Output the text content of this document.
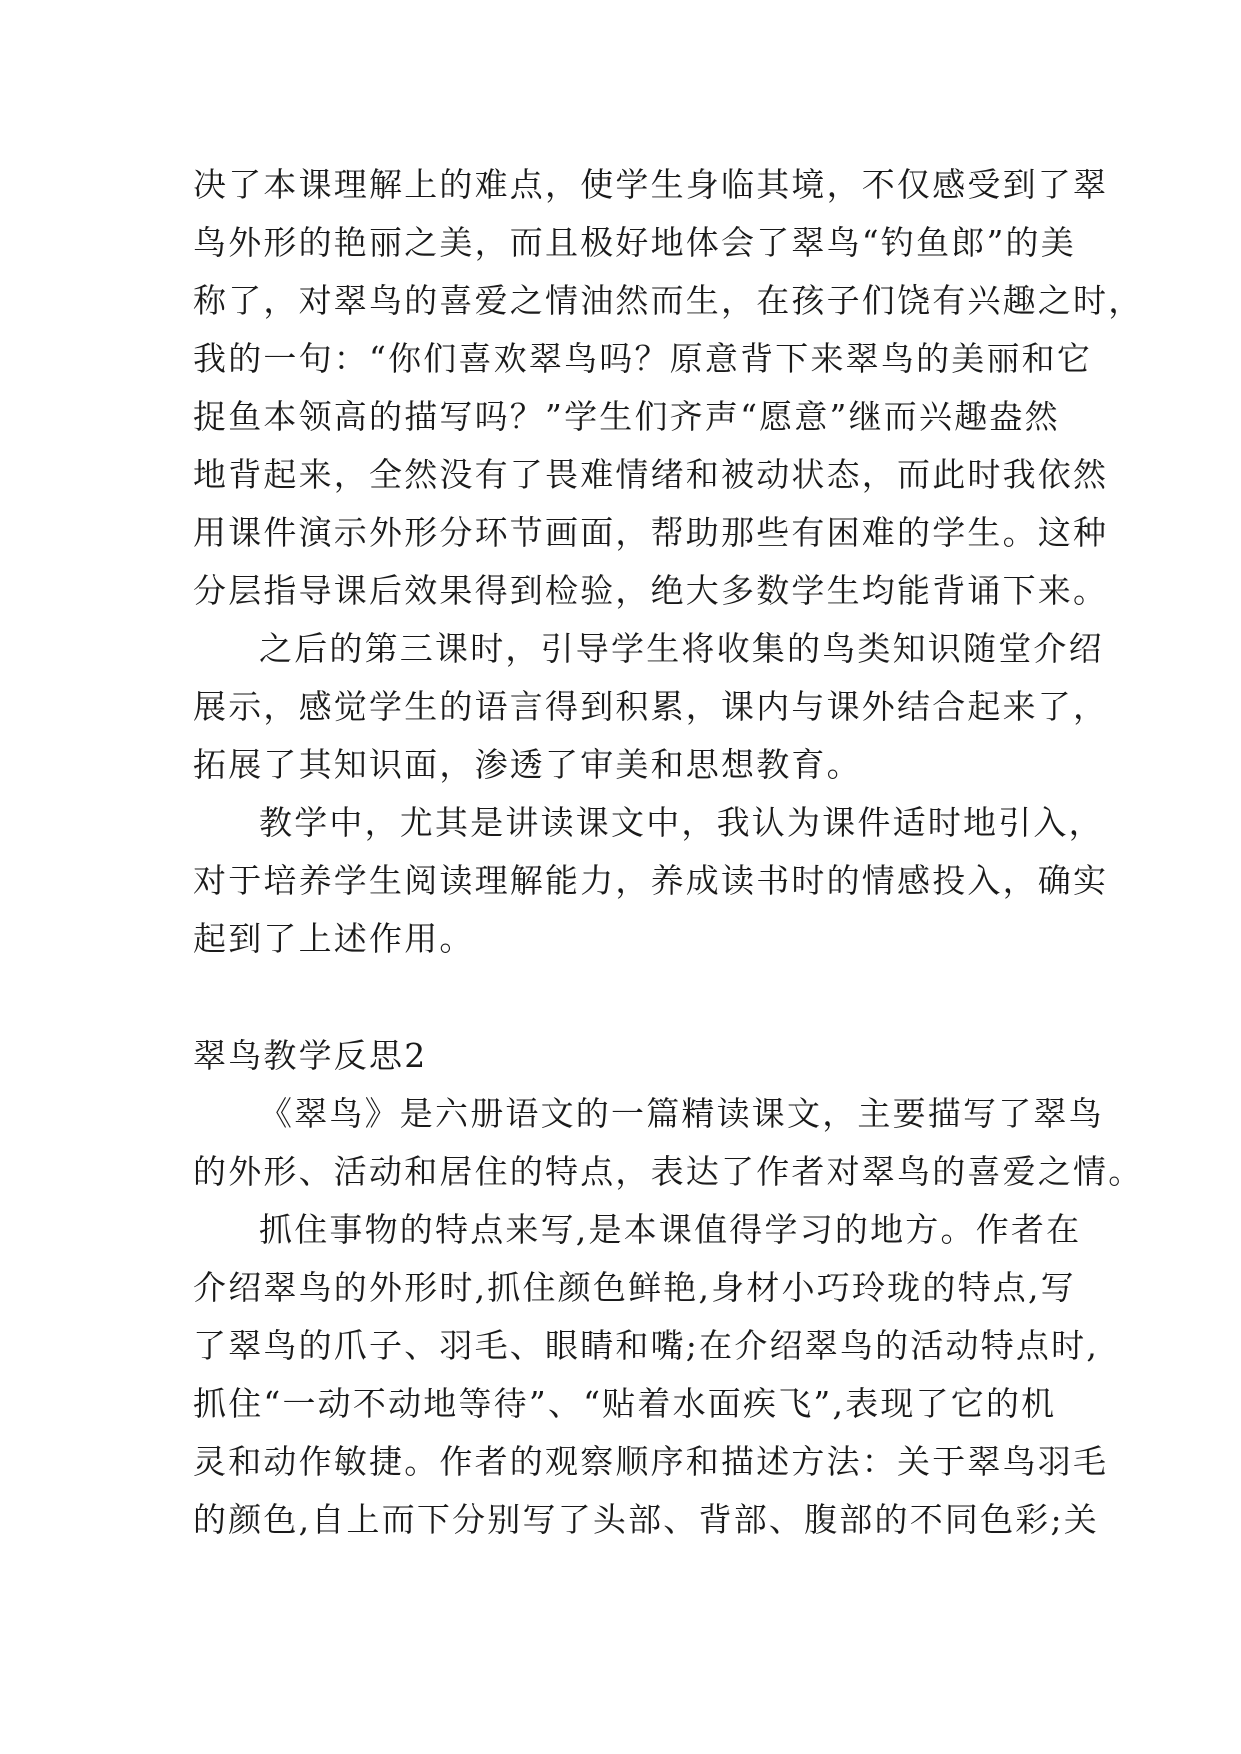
决了本课理解上的难点，使学生身临其境，不仅感受到了翠
鸟外形的艳丽之美，而且极好地体会了翠鸟“钓鱼郎”的美
称了，对翠鸟的喜爱之情油然而生，在孩子们饶有兴趣之时，
我的一句：“你们喜欢翠鸟吗？原意背下来翠鸟的美丽和它
捉鱼本领高的描写吗？”学生们齐声“愿意”继而兴趣盎然
地背起来，全然没有了畏难情绪和被动状态，而此时我依然
用课件演示外形分环节画面，帮助那些有困难的学生。这种
分层指导课后效果得到检验，绝大多数学生均能背诵下来。
之后的第三课时，引导学生将收集的鸟类知识随堂介绍
展示，感觉学生的语言得到积累，课内与课外结合起来了，
拓展了其知识面，渗透了审美和思想教育。
教学中，尤其是讲读课文中，我认为课件适时地引入，
对于培养学生阅读理解能力，养成读书时的情感投入，确实
起到了上述作用。
翠鸟教学反思2
《翠鸟》是六册语文的一篇精读课文，主要描写了翠鸟
的外形、活动和居住的特点，表达了作者对翠鸟的喜爱之情。
抓住事物的特点来写,是本课值得学习的地方。作者在
介绍翠鸟的外形时,抓住颜色鲜艳,身材小巧玲珑的特点,写
了翠鸟的爪子、羽毛、眼睛和嘴;在介绍翠鸟的活动特点时,
抓住“一动不动地等待”、“贴着水面疾飞”,表现了它的机
灵和动作敏捷。作者的观察顺序和描述方法：关于翠鸟羽毛
的颜色,自上而下分别写了头部、背部、腹部的不同色彩;关
